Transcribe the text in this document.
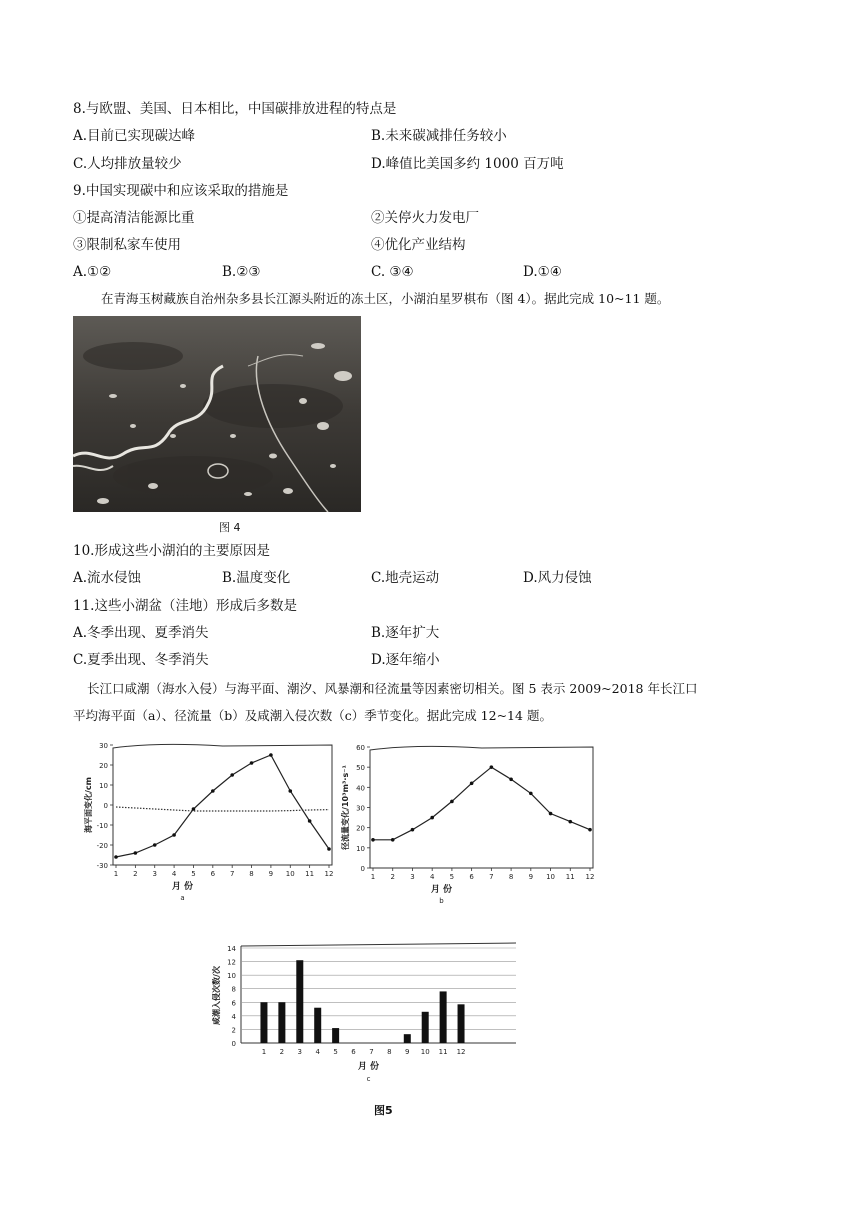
8.与欧盟、美国、日本相比，中国碳排放进程的特点是
A.目前已实现碳达峰	B.未来碳减排任务较小
C.人均排放量较少	D.峰值比美国多约 1000 百万吨
9.中国实现碳中和应该采取的措施是
①提高清洁能源比重	②关停火力发电厂
③限制私家车使用	④优化产业结构
A.①②	B.②③	C. ③④	D.①④
在青海玉树藏族自治州杂多县长江源头附近的冻土区，小湖泊星罗棋布（图 4）。据此完成 10~11 题。
图 4
10.形成这些小湖泊的主要原因是
A.流水侵蚀	B.温度变化	C.地壳运动	D.风力侵蚀
11.这些小湖盆（洼地）形成后多数是
A.冬季出现、夏季消失	B.逐年扩大
C.夏季出现、冬季消失	D.逐年缩小
长江口咸潮（海水入侵）与海平面、潮汐、风暴潮和径流量等因素密切相关。图 5 表示 2009~2018 年长江口
平均海平面（a）、径流量（b）及咸潮入侵次数（c）季节变化。据此完成 12~14 题。
-30
-20
-10
0
10
20
30
1 2 3 4 5 6 7 8 9 10 11 12
月 份
a
海平面变化/cm
0
10
20
30
40
50
60
1 2 3 4 5 6 7 8 9 10 11 12
月 份
b
径流量变化/10³m³·s⁻¹
0
2
4
6
8
10
12
14
1 2 3 4 5 6 7 8 9 10 11 12
月 份
c
咸潮入侵次数/次
图5
